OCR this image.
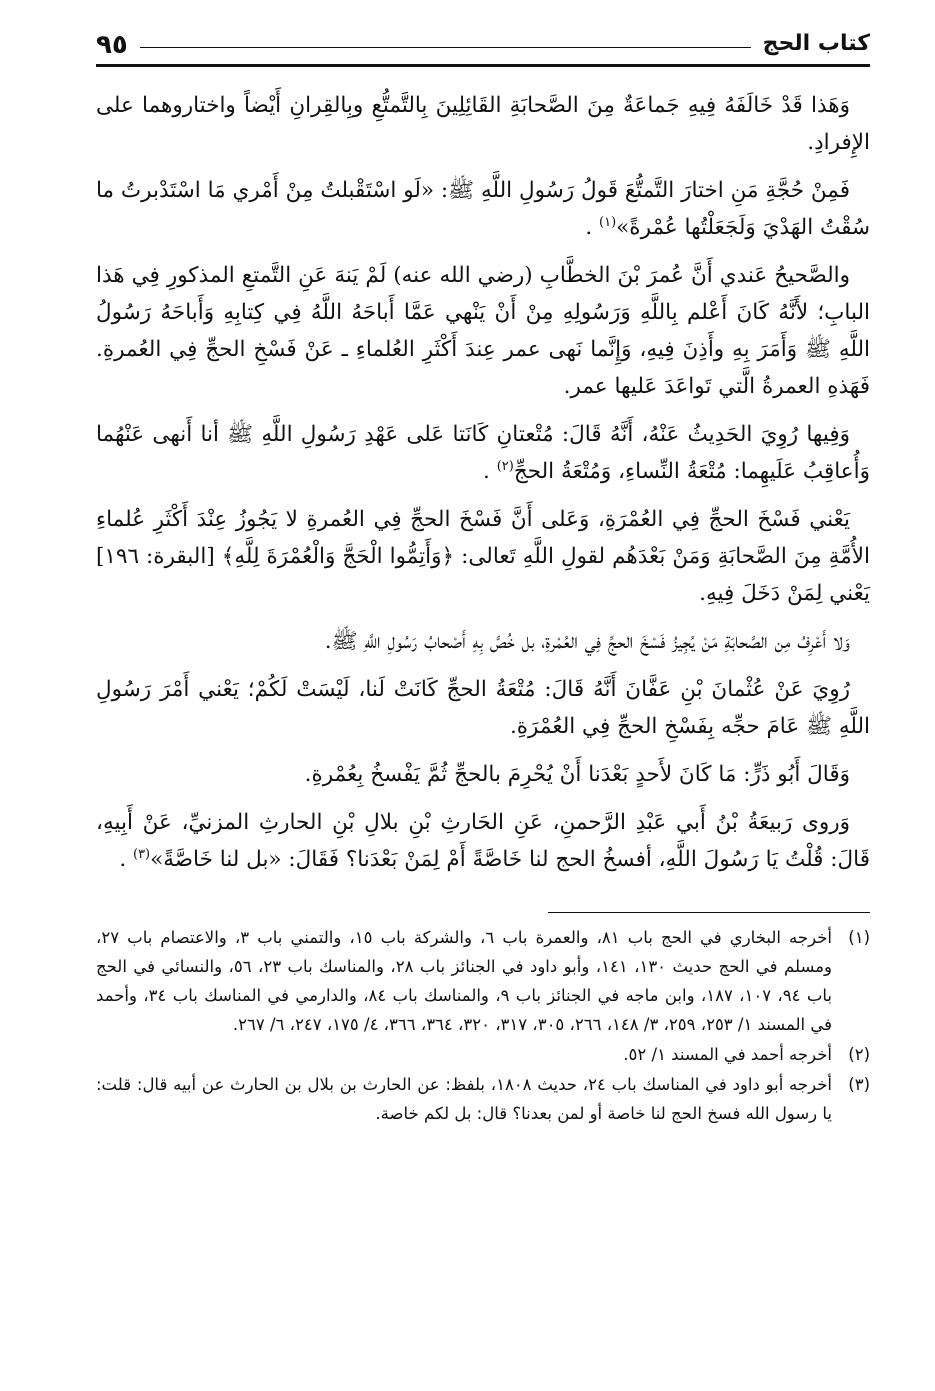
كتاب الحج
٩٥

وَهَذا قَدْ خَالَفَهُ فِيهِ جَماعَةٌ مِنَ الصَّحابَةِ القَائِلِينَ بِالتَّمتُّعِ وبِالقِرانِ أَيْضاً واختاروهما على الإِفرادِ.

فَمِنْ حُجَّةِ مَنِ اختارَ التَّمتُّعَ قَولُ رَسُولِ اللَّهِ ﷺ: «لَو اسْتَقْبلتُ مِنْ أَمْري مَا اسْتَدْبرتُ ما سُقْتُ الهَدْيَ وَلَجَعَلْتُها عُمْرةً»$^{(١)}$ .

والصَّحيحُ عَندي أَنَّ عُمرَ بْنَ الخطَّابِ (رضي الله عنه) لَمْ يَنهَ عَنِ التَّمتعِ المذكورِ فِي هَذا البابِ؛ لأَنَّهُ كَانَ أَعْلم بِاللَّهِ وَرَسُولِهِ مِنْ أَنْ يَنْهي عَمَّا أَباحَهُ اللَّهُ فِي كِتابِهِ وَأَباحَهُ رَسُولُ اللَّهِ ﷺ وَأَمَرَ بِهِ وأَذِنَ فِيهِ، وَإِنَّما نَهى عمر عِندَ أَكْثَرِ العُلماءِ ـ عَنْ فَسْخِ الحجِّ فِي العُمرةِ. فَهَذهِ العمرةُ الَّتي تَواعَدَ عَليها عمر.

وَفِيها رُوِيَ الحَدِيثُ عَنْهُ، أَنَّهُ قَالَ: مُتْعتانِ كَانَتا عَلى عَهْدِ رَسُولِ اللَّهِ ﷺ أنا أَنهى عَنْهُما وَأُعاقِبُ عَلَيهِما: مُتْعَةُ النِّساءِ، وَمُتْعَةُ الحجِّ$^{(٢)}$ .

يَعْني فَسْخَ الحجِّ فِي العُمْرَةِ، وَعَلى أَنَّ فَسْخَ الحجِّ فِي العُمرةِ لا يَجُوزُ عِنْدَ أَكْثَرِ عُلماءِ الأُمَّةِ مِنَ الصَّحابَةِ وَمَنْ بَعْدَهُم لقولِ اللَّهِ تَعالى: ﴿وَأَتِمُّوا الْحَجَّ وَالْعُمْرَةَ لِلَّهِ﴾ [البقرة: ١٩٦] يَعْني لِمَنْ دَخَلَ فِيهِ.

وَلا أَعْرِفُ مِن الصَّحابَةِ مَنْ يُجِيزُ فَسْخَ الحجِّ فِي العُمْرةِ، بل خُصَّ بِهِ أَصْحابُ رَسُولِ اللَّهِ ﷺ.

رُوِيَ عَنْ عُثْمانَ بْنِ عَفَّانَ أَنَّهُ قَالَ: مُتْعَةُ الحجِّ كَانَتْ لَنا، لَيْسَتْ لَكُمْ؛ يَعْني أَمْرَ رَسُولِ اللَّهِ ﷺ عَامَ حجِّه بِفَسْخِ الحجِّ فِي العُمْرَةِ.

وَقَالَ أَبُو ذَرٍّ: مَا كَانَ لأَحدٍ بَعْدَنا أَنْ يُحْرِمَ بالحجِّ ثُمَّ يَفْسخُ بِعُمْرةِ.

وَروى رَبيعَةُ بْنُ أَبي عَبْدِ الرَّحمنِ، عَنِ الحَارثِ بْنِ بلالِ بْنِ الحارثِ المزنيِّ، عَنْ أَبِيهِ، قَالَ: قُلْتُ يَا رَسُولَ اللَّهِ، أفسخُ الحج لنا خَاصَّةً أَمْ لِمَنْ بَعْدَنا؟ فَقَالَ: «بل لنا خَاصَّةً»$^{(٣)}$ .

(١)
أخرجه البخاري في الحج باب ٨١، والعمرة باب ٦، والشركة باب ١٥، والتمني باب ٣، والاعتصام باب ٢٧، ومسلم في الحج حديث ١٣٠، ١٤١، وأبو داود في الجنائز باب ٢٨، والمناسك باب ٢٣، ٥٦، والنسائي في الحج باب ٩٤، ١٠٧، ١٨٧، وابن ماجه في الجنائز باب ٩، والمناسك باب ٨٤، والدارمي في المناسك باب ٣٤، وأحمد في المسند ١/ ٢٥٣، ٢٥٩، ٣/ ١٤٨، ٢٦٦، ٣٠٥، ٣١٧، ٣٢٠، ٣٦٤، ٣٦٦، ٤/ ١٧٥، ٢٤٧، ٦/ ٢٦٧.
(٢)
أخرجه أحمد في المسند ١/ ٥٢.
(٣)
أخرجه أبو داود في المناسك باب ٢٤، حديث ١٨٠٨، بلفظ: عن الحارث بن بلال بن الحارث عن أبيه قال: قلت: يا رسول الله فسخ الحج لنا خاصة أو لمن بعدنا؟ قال: بل لكم خاصة.
